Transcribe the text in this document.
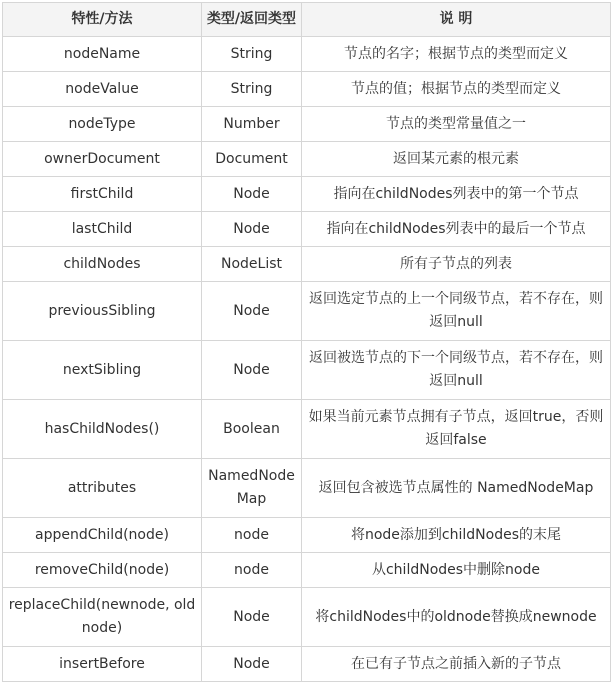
特性/方法	类型/返回类型	说 明
nodeName	String	节点的名字；根据节点的类型而定义
nodeValue	String	节点的值；根据节点的类型而定义
nodeType	Number	节点的类型常量值之一
ownerDocument	Document	返回某元素的根元素
firstChild	Node	指向在childNodes列表中的第一个节点
lastChild	Node	指向在childNodes列表中的最后一个节点
childNodes	NodeList	所有子节点的列表
previousSibling	Node	返回选定节点的上一个同级节点，若不存在，则返回null
nextSibling	Node	返回被选节点的下一个同级节点，若不存在，则返回null
hasChildNodes()	Boolean	如果当前元素节点拥有子节点，返回true，否则返回false
attributes	NamedNodeMap	返回包含被选节点属性的 NamedNodeMap
appendChild(node)	node	将node添加到childNodes的末尾
removeChild(node)	node	从childNodes中删除node
replaceChild(newnode, oldnode)	Node	将childNodes中的oldnode替换成newnode
insertBefore	Node	在已有子节点之前插入新的子节点
